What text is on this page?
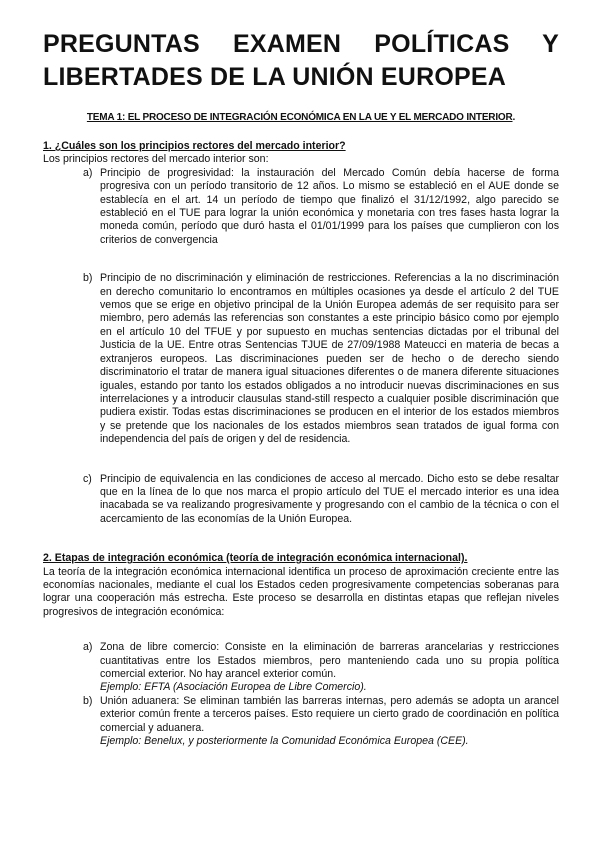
PREGUNTAS EXAMEN POLÍTICAS Y LIBERTADES DE LA UNIÓN EUROPEA
TEMA 1: EL PROCESO DE INTEGRACIÓN ECONÓMICA EN LA UE Y EL MERCADO INTERIOR.

1. ¿Cuáles son los principios rectores del mercado interior?

Los principios rectores del mercado interior son:

a) Principio de progresividad: la instauración del Mercado Común debía hacerse de forma progresiva con un período transitorio de 12 años. Lo mismo se estableció en el AUE donde se establecía en el art. 14 un período de tiempo que finalizó el 31/12/1992, algo parecido se estableció en el TUE para lograr la unión económica y monetaria con tres fases hasta lograr la moneda común, período que duró hasta el 01/01/1999 para los países que cumplieron con los criterios de convergencia
b) Principio de no discriminación y eliminación de restricciones. Referencias a la no discriminación en derecho comunitario lo encontramos en múltiples ocasiones ya desde el artículo 2 del TUE vemos que se erige en objetivo principal de la Unión Europea además de ser requisito para ser miembro, pero además las referencias son constantes a este principio básico como por ejemplo en el artículo 10 del TFUE y por supuesto en muchas sentencias dictadas por el tribunal del Justicia de la UE. Entre otras Sentencias TJUE de 27/09/1988 Mateucci en materia de becas a extranjeros europeos. Las discriminaciones pueden ser de hecho o de derecho siendo discriminatorio el tratar de manera igual situaciones diferentes o de manera diferente situaciones iguales, estando por tanto los estados obligados a no introducir nuevas discriminaciones en sus interrelaciones y a introducir clausulas stand-still respecto a cualquier posible discriminación que pudiera existir. Todas estas discriminaciones se producen en el interior de los estados miembros y se pretende que los nacionales de los estados miembros sean tratados de igual forma con independencia del país de origen y del de residencia.
c) Principio de equivalencia en las condiciones de acceso al mercado. Dicho esto se debe resaltar que en la línea de lo que nos marca el propio artículo del TUE el mercado interior es una idea inacabada se va realizando progresivamente y progresando con el cambio de la técnica o con el acercamiento de las economías de la Unión Europea.

2. Etapas de integración económica (teoría de integración económica internacional).

La teoría de la integración económica internacional identifica un proceso de aproximación creciente entre las economías nacionales, mediante el cual los Estados ceden progresivamente competencias soberanas para lograr una cooperación más estrecha. Este proceso se desarrolla en distintas etapas que reflejan niveles progresivos de integración económica:

a) Zona de libre comercio: Consiste en la eliminación de barreras arancelarias y restricciones cuantitativas entre los Estados miembros, pero manteniendo cada uno su propia política comercial exterior. No hay arancel exterior común.

Ejemplo: EFTA (Asociación Europea de Libre Comercio).

b) Unión aduanera: Se eliminan también las barreras internas, pero además se adopta un arancel exterior común frente a terceros países. Esto requiere un cierto grado de coordinación en política comercial y aduanera.

Ejemplo: Benelux, y posteriormente la Comunidad Económica Europea (CEE).
